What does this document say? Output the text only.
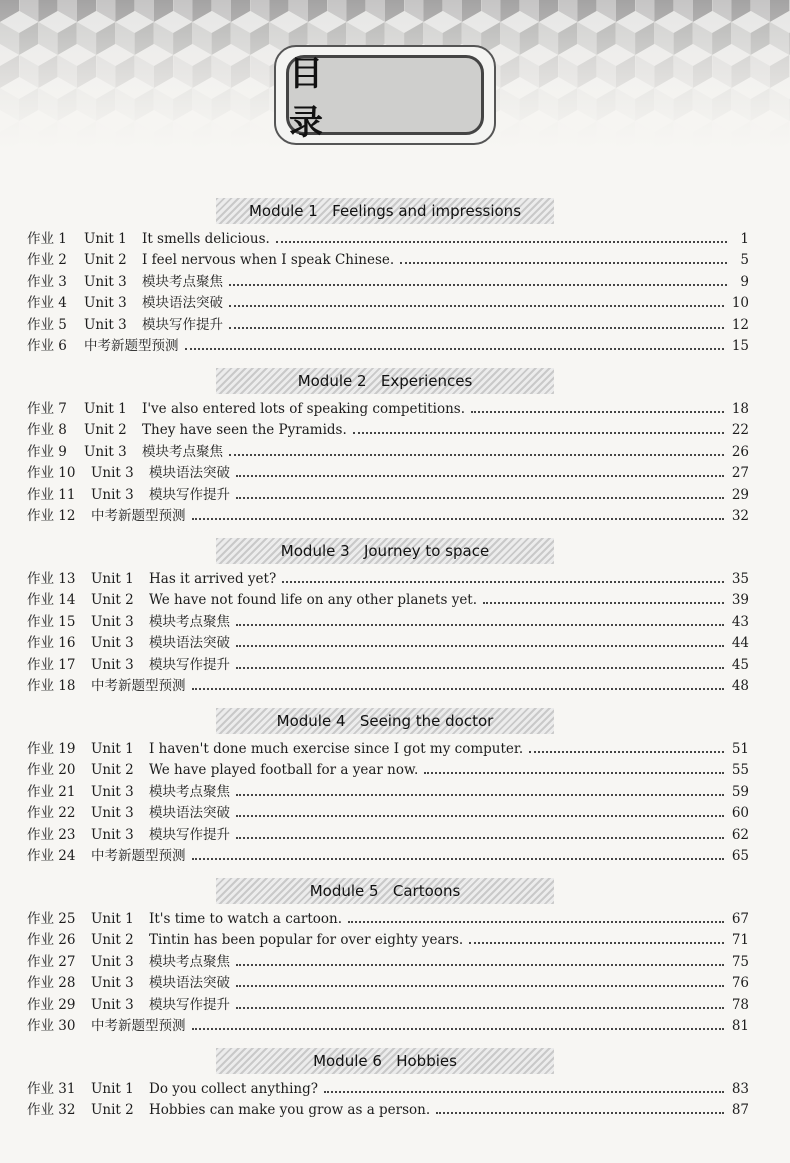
目 录
Module 1   Feelings and impressions
作业 1 Unit 1 It smells delicious.	1
作业 2 Unit 2 I feel nervous when I speak Chinese.	5
作业 3 Unit 3 模块考点聚焦	9
作业 4 Unit 3 模块语法突破	10
作业 5 Unit 3 模块写作提升	12
作业 6 中考新题型预测	15
Module 2   Experiences
作业 7 Unit 1 I've also entered lots of speaking competitions.	18
作业 8 Unit 2 They have seen the Pyramids.	22
作业 9 Unit 3 模块考点聚焦	26
作业 10 Unit 3 模块语法突破	27
作业 11 Unit 3 模块写作提升	29
作业 12 中考新题型预测	32
Module 3   Journey to space
作业 13 Unit 1 Has it arrived yet?	35
作业 14 Unit 2 We have not found life on any other planets yet.	39
作业 15 Unit 3 模块考点聚焦	43
作业 16 Unit 3 模块语法突破	44
作业 17 Unit 3 模块写作提升	45
作业 18 中考新题型预测	48
Module 4   Seeing the doctor
作业 19 Unit 1 I haven't done much exercise since I got my computer.	51
作业 20 Unit 2 We have played football for a year now.	55
作业 21 Unit 3 模块考点聚焦	59
作业 22 Unit 3 模块语法突破	60
作业 23 Unit 3 模块写作提升	62
作业 24 中考新题型预测	65
Module 5   Cartoons
作业 25 Unit 1 It's time to watch a cartoon.	67
作业 26 Unit 2 Tintin has been popular for over eighty years.	71
作业 27 Unit 3 模块考点聚焦	75
作业 28 Unit 3 模块语法突破	76
作业 29 Unit 3 模块写作提升	78
作业 30 中考新题型预测	81
Module 6   Hobbies
作业 31 Unit 1 Do you collect anything?	83
作业 32 Unit 2 Hobbies can make you grow as a person.	87
